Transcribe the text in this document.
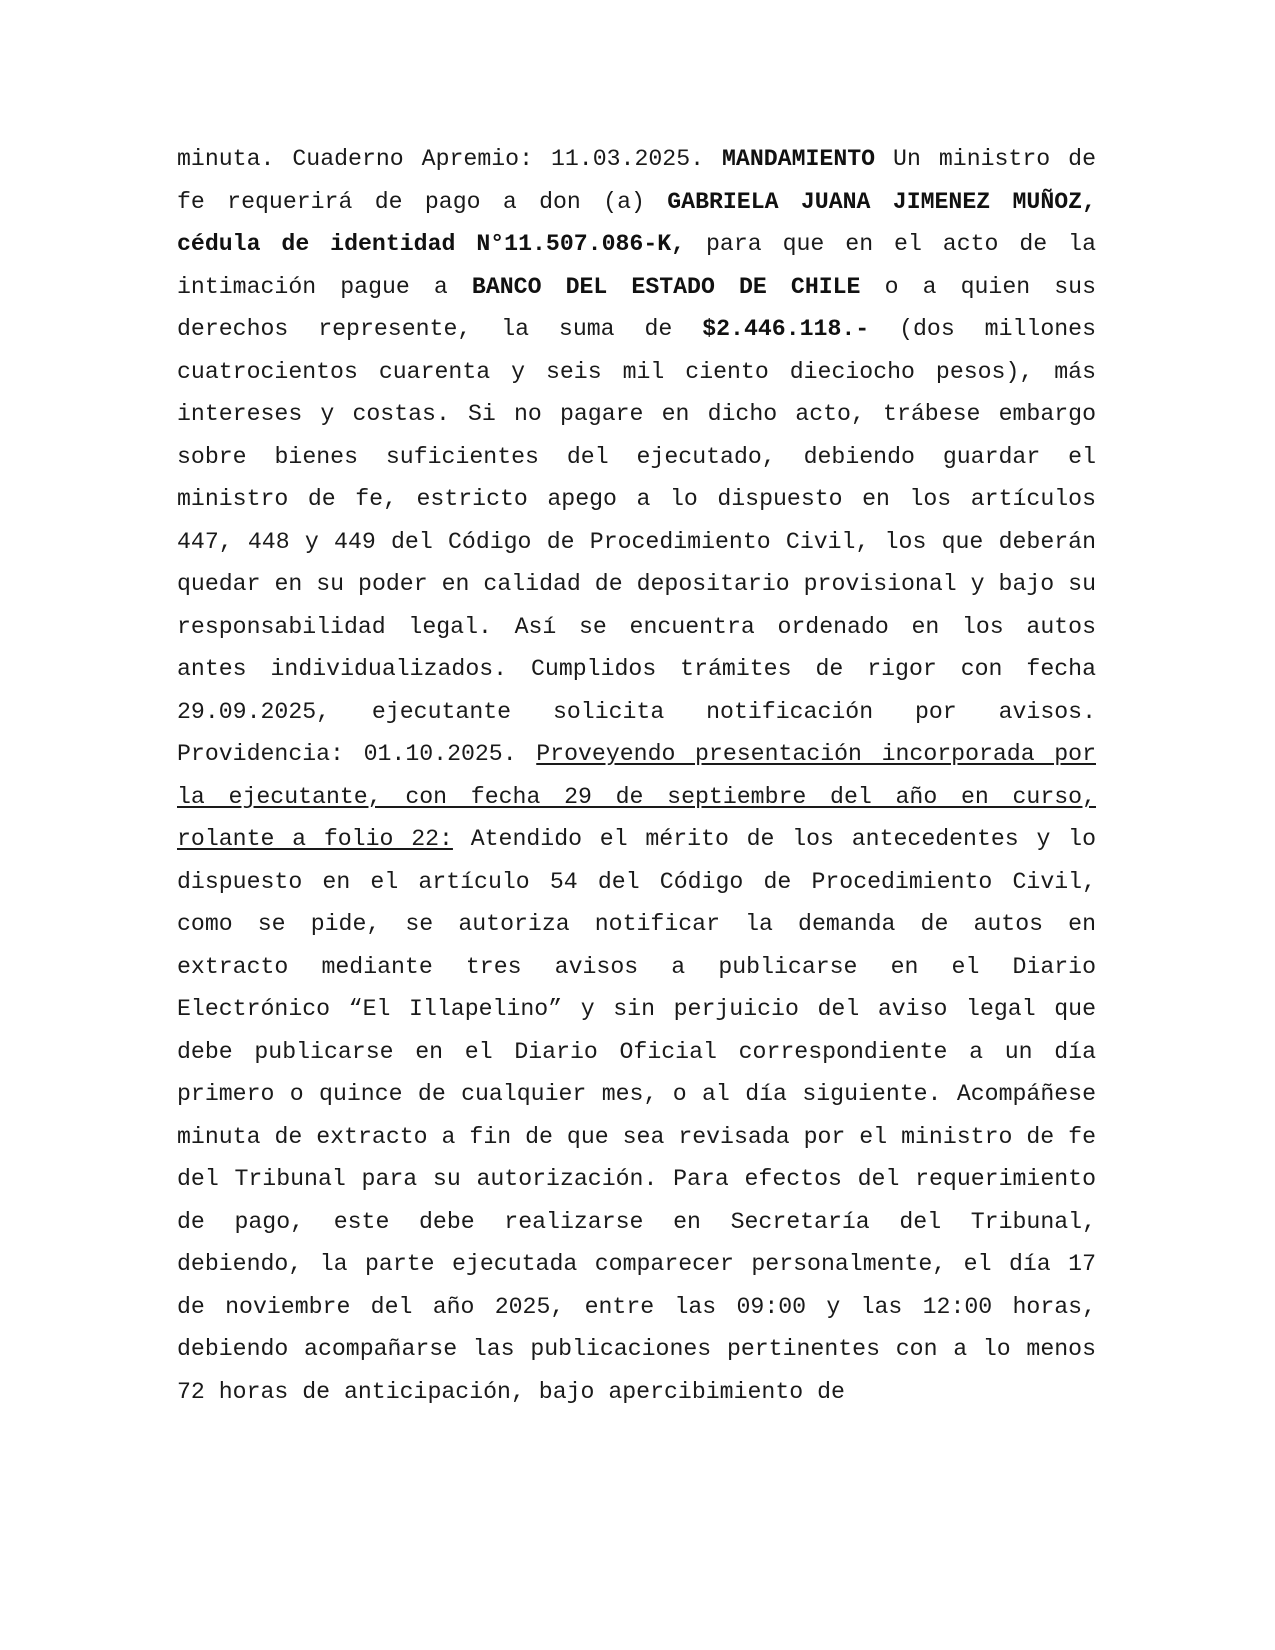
minuta. Cuaderno Apremio: 11.03.2025. MANDAMIENTO Un ministro de fe requerirá de pago a don (a) GABRIELA JUANA JIMENEZ MUÑOZ, cédula de identidad N°11.507.086-K, para que en el acto de la intimación pague a BANCO DEL ESTADO DE CHILE o a quien sus derechos represente, la suma de $2.446.118.- (dos millones cuatrocientos cuarenta y seis mil ciento dieciocho pesos), más intereses y costas. Si no pagare en dicho acto, trábese embargo sobre bienes suficientes del ejecutado, debiendo guardar el ministro de fe, estricto apego a lo dispuesto en los artículos 447, 448 y 449 del Código de Procedimiento Civil, los que deberán quedar en su poder en calidad de depositario provisional y bajo su responsabilidad legal. Así se encuentra ordenado en los autos antes individualizados. Cumplidos trámites de rigor con fecha 29.09.2025, ejecutante solicita notificación por avisos. Providencia: 01.10.2025. Proveyendo presentación incorporada por la ejecutante, con fecha 29 de septiembre del año en curso, rolante a folio 22: Atendido el mérito de los antecedentes y lo dispuesto en el artículo 54 del Código de Procedimiento Civil, como se pide, se autoriza notificar la demanda de autos en extracto mediante tres avisos a publicarse en el Diario Electrónico “El Illapelino” y sin perjuicio del aviso legal que debe publicarse en el Diario Oficial correspondiente a un día primero o quince de cualquier mes, o al día siguiente. Acompáñese minuta de extracto a fin de que sea revisada por el ministro de fe del Tribunal para su autorización. Para efectos del requerimiento de pago, este debe realizarse en Secretaría del Tribunal, debiendo, la parte ejecutada comparecer personalmente, el día 17 de noviembre del año 2025, entre las 09:00 y las 12:00 horas, debiendo acompañarse las publicaciones pertinentes con a lo menos 72 horas de anticipación, bajo apercibimiento de
